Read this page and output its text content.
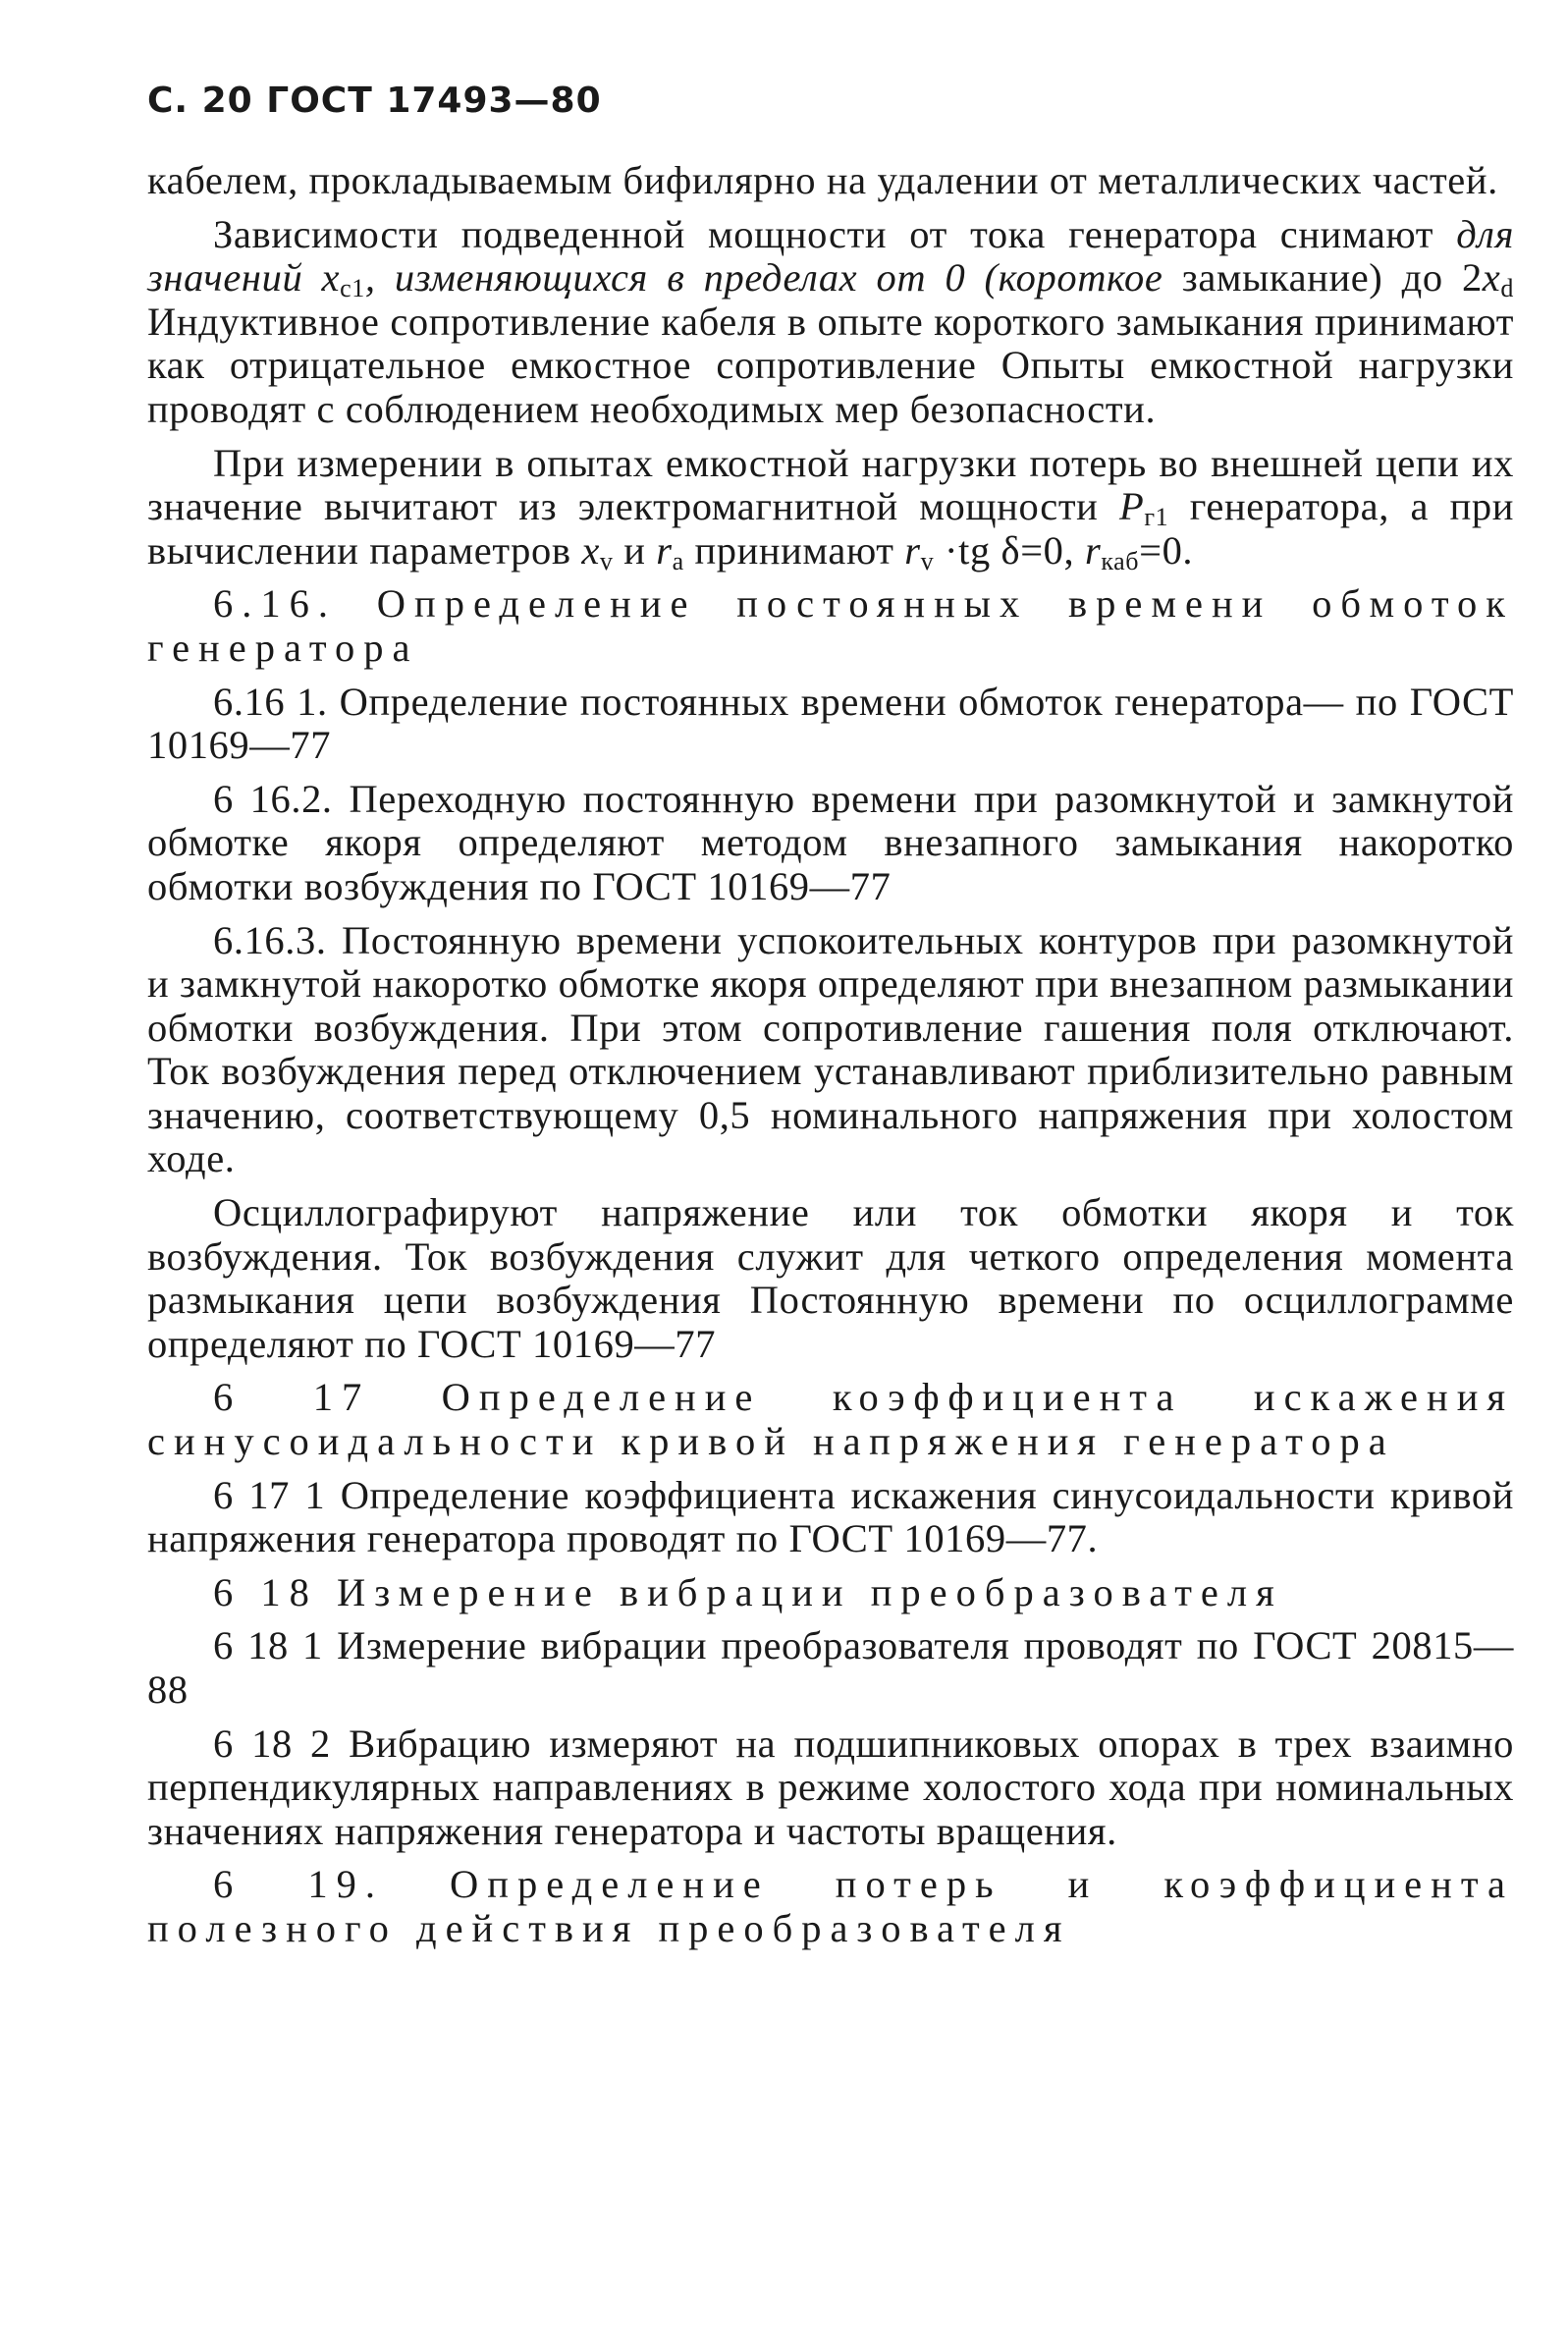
С. 20 ГОСТ 17493—80

кабелем, прокладываемым бифилярно на удалении от металлических частей.

Зависимости подведенной мощности от тока генератора снимают для значений $x_{c1}$, изменяющихся в пределах от 0 (короткое замыкание) до $2x_d$ Индуктивное сопротивление кабеля в опыте короткого замыкания принимают как отрицательное емкостное сопротивление Опыты емкостной нагрузки проводят с соблюдением необходимых мер безопасности.

При измерении в опытах емкостной нагрузки потерь во внешней цепи их значение вычитают из электромагнитной мощности $P_{г1}$ генератора, а при вычислении параметров $x_v$ и $r_a$ принимают $r_v \cdot tg$ δ=0, $r_{каб}=0$.

6.16. Определение постоянных времени обмоток генератора

6.16 1. Определение постоянных времени обмоток генератора— по ГОСТ 10169—77

6 16.2. Переходную постоянную времени при разомкнутой и замкнутой обмотке якоря определяют методом внезапного замыкания накоротко обмотки возбуждения по ГОСТ 10169—77

6.16.3. Постоянную времени успокоительных контуров при разомкнутой и замкнутой накоротко обмотке якоря определяют при внезапном размыкании обмотки возбуждения. При этом сопротивление гашения поля отключают. Ток возбуждения перед отключением устанавливают приблизительно равным значению, соответствующему 0,5 номинального напряжения при холостом ходе.

Осциллографируют напряжение или ток обмотки якоря и ток возбуждения. Ток возбуждения служит для четкого определения момента размыкания цепи возбуждения Постоянную времени по осциллограмме определяют по ГОСТ 10169—77

6 17 Определение коэффициента искажения синусоидальности кривой напряжения генератора

6 17 1 Определение коэффициента искажения синусоидальности кривой напряжения генератора проводят по ГОСТ 10169—77.

6 18 Измерение вибрации преобразователя

6 18 1 Измерение вибрации преобразователя проводят по ГОСТ 20815—88

6 18 2 Вибрацию измеряют на подшипниковых опорах в трех взаимно перпендикулярных направлениях в режиме холостого хода при номинальных значениях напряжения генератора и частоты вращения.

6 19. Определение потерь и коэффициента полезного действия преобразователя
